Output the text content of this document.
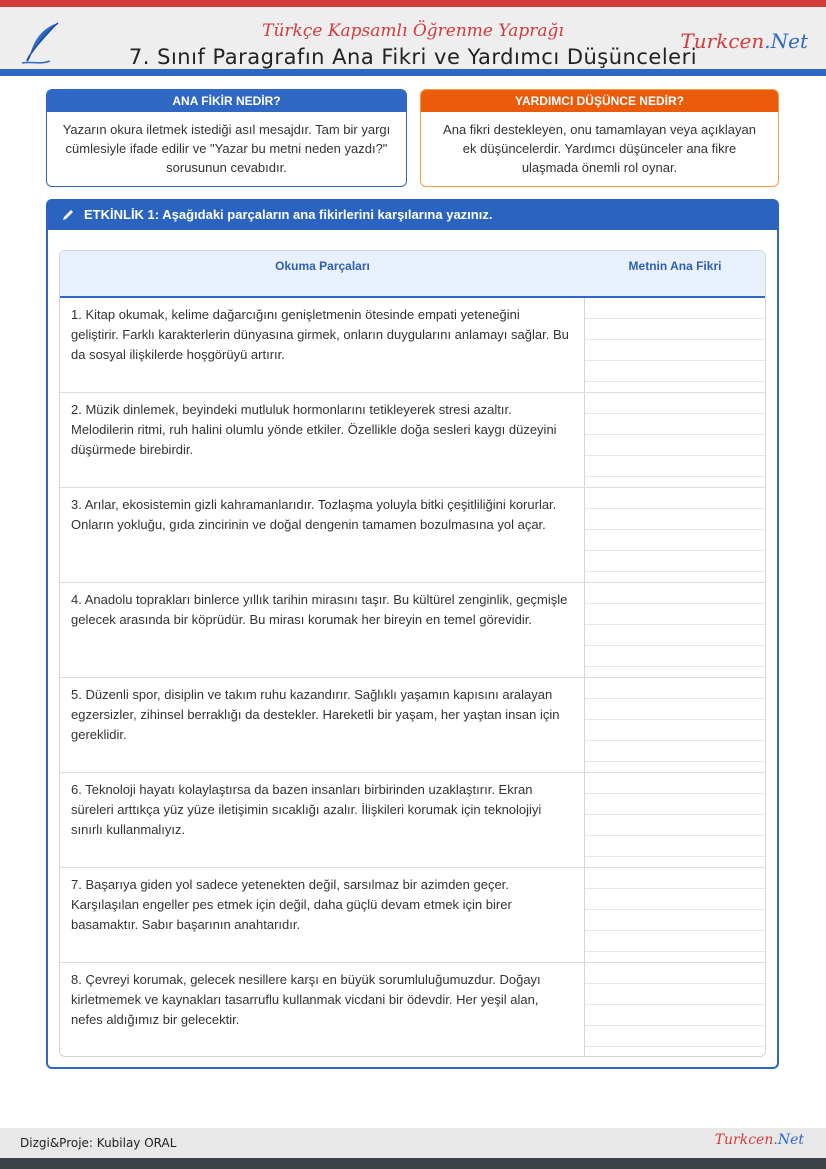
Türkçe Kapsamlı Öğrenme Yaprağı
7. Sınıf Paragrafın Ana Fikri ve Yardımcı Düşünceleri
Turkcen.Net
ANA FİKİR NEDİR?
Yazarın okura iletmek istediği asıl mesajdır. Tam bir yargı cümlesiyle ifade edilir ve "Yazar bu metni neden yazdı?" sorusunun cevabıdır.
YARDIMCI DÜŞÜNCE NEDİR?
Ana fikri destekleyen, onu tamamlayan veya açıklayan ek düşüncelerdir. Yardımcı düşünceler ana fikre ulaşmada önemli rol oynar.
ETKİNLİK 1: Aşağıdaki parçaların ana fikirlerini karşılarına yazınız.
Okuma Parçaları	Metnin Ana Fikri
1. Kitap okumak, kelime dağarcığını genişletmenin ötesinde empati yeteneğini geliştirir. Farklı karakterlerin dünyasına girmek, onların duygularını anlamayı sağlar. Bu da sosyal ilişkilerde hoşgörüyü artırır.
2. Müzik dinlemek, beyindeki mutluluk hormonlarını tetikleyerek stresi azaltır. Melodilerin ritmi, ruh halini olumlu yönde etkiler. Özellikle doğa sesleri kaygı düzeyini düşürmede birebirdir.
3. Arılar, ekosistemin gizli kahramanlarıdır. Tozlaşma yoluyla bitki çeşitliliğini korurlar. Onların yokluğu, gıda zincirinin ve doğal dengenin tamamen bozulmasına yol açar.
4. Anadolu toprakları binlerce yıllık tarihin mirasını taşır. Bu kültürel zenginlik, geçmişle gelecek arasında bir köprüdür. Bu mirası korumak her bireyin en temel görevidir.
5. Düzenli spor, disiplin ve takım ruhu kazandırır. Sağlıklı yaşamın kapısını aralayan egzersizler, zihinsel berraklığı da destekler. Hareketli bir yaşam, her yaştan insan için gereklidir.
6. Teknoloji hayatı kolaylaştırsa da bazen insanları birbirinden uzaklaştırır. Ekran süreleri arttıkça yüz yüze iletişimin sıcaklığı azalır. İlişkileri korumak için teknolojiyi sınırlı kullanmalıyız.
7. Başarıya giden yol sadece yetenekten değil, sarsılmaz bir azimden geçer. Karşılaşılan engeller pes etmek için değil, daha güçlü devam etmek için birer basamaktır. Sabır başarının anahtarıdır.
8. Çevreyi korumak, gelecek nesillere karşı en büyük sorumluluğumuzdur. Doğayı kirletmemek ve kaynakları tasarruflu kullanmak vicdani bir ödevdir. Her yeşil alan, nefes aldığımız bir gelecektir.
Dizgi&Proje: Kubilay ORAL	Turkcen.Net
